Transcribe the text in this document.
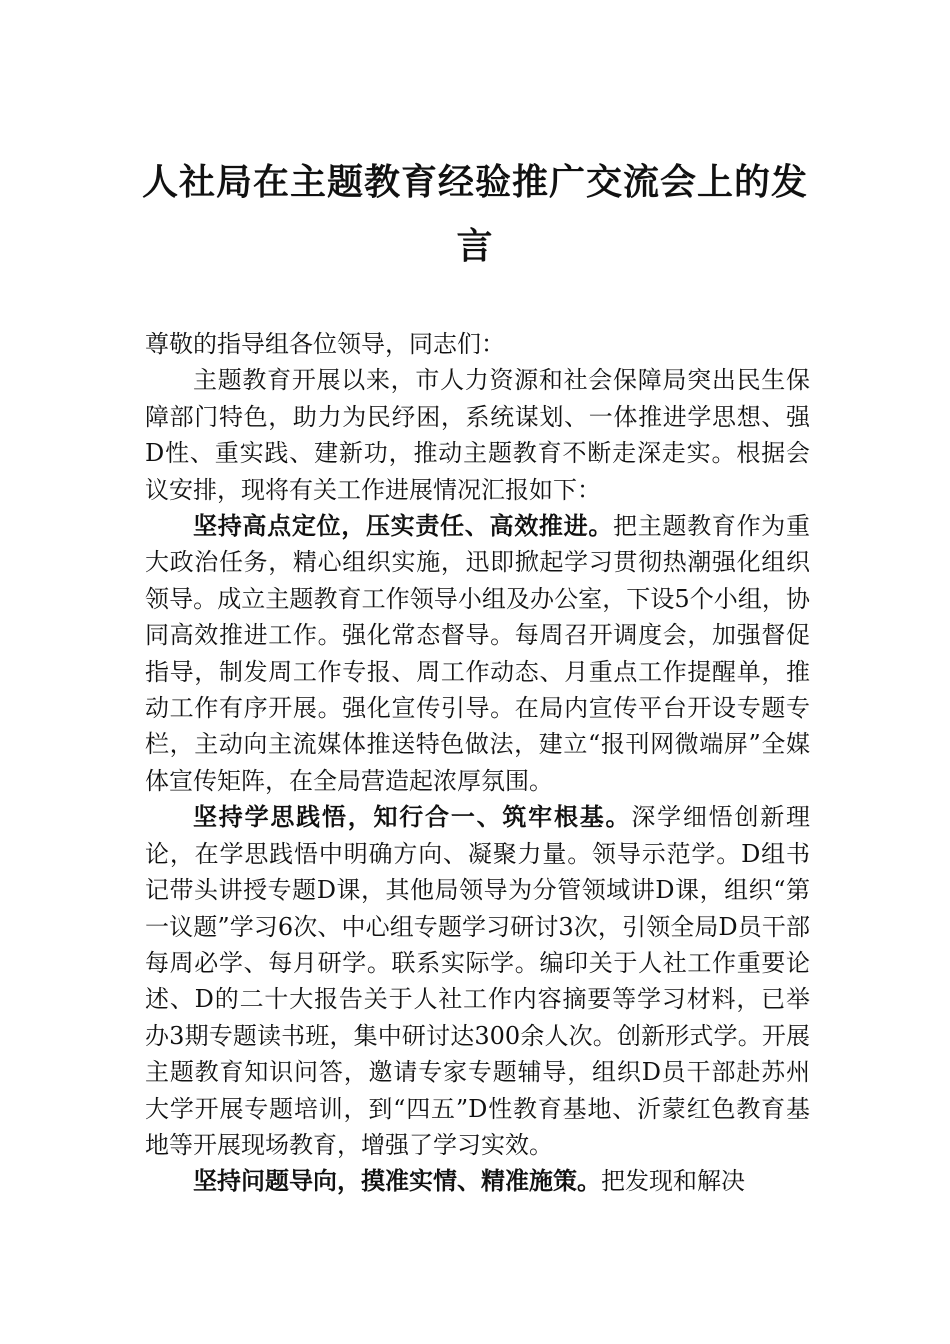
人社局在主题教育经验推广交流会上的发言

尊敬的指导组各位领导，同志们：

主题教育开展以来，市人力资源和社会保障局突出民生保障部门特色，助力为民纾困，系统谋划、一体推进学思想、强D性、重实践、建新功，推动主题教育不断走深走实。根据会议安排，现将有关工作进展情况汇报如下：

坚持高点定位，压实责任、高效推进。把主题教育作为重大政治任务，精心组织实施，迅即掀起学习贯彻热潮强化组织领导。成立主题教育工作领导小组及办公室，下设5个小组，协同高效推进工作。强化常态督导。每周召开调度会，加强督促指导，制发周工作专报、周工作动态、月重点工作提醒单，推动工作有序开展。强化宣传引导。在局内宣传平台开设专题专栏，主动向主流媒体推送特色做法，建立“报刊网微端屏”全媒体宣传矩阵，在全局营造起浓厚氛围。

坚持学思践悟，知行合一、筑牢根基。深学细悟创新理论，在学思践悟中明确方向、凝聚力量。领导示范学。D组书记带头讲授专题D课，其他局领导为分管领域讲D课，组织“第一议题”学习6次、中心组专题学习研讨3次，引领全局D员干部每周必学、每月研学。联系实际学。编印关于人社工作重要论述、D的二十大报告关于人社工作内容摘要等学习材料，已举办3期专题读书班，集中研讨达300余人次。创新形式学。开展主题教育知识问答，邀请专家专题辅导，组织D员干部赴苏州大学开展专题培训，到“四五”D性教育基地、沂蒙红色教育基地等开展现场教育，增强了学习实效。

坚持问题导向，摸准实情、精准施策。把发现和解决
